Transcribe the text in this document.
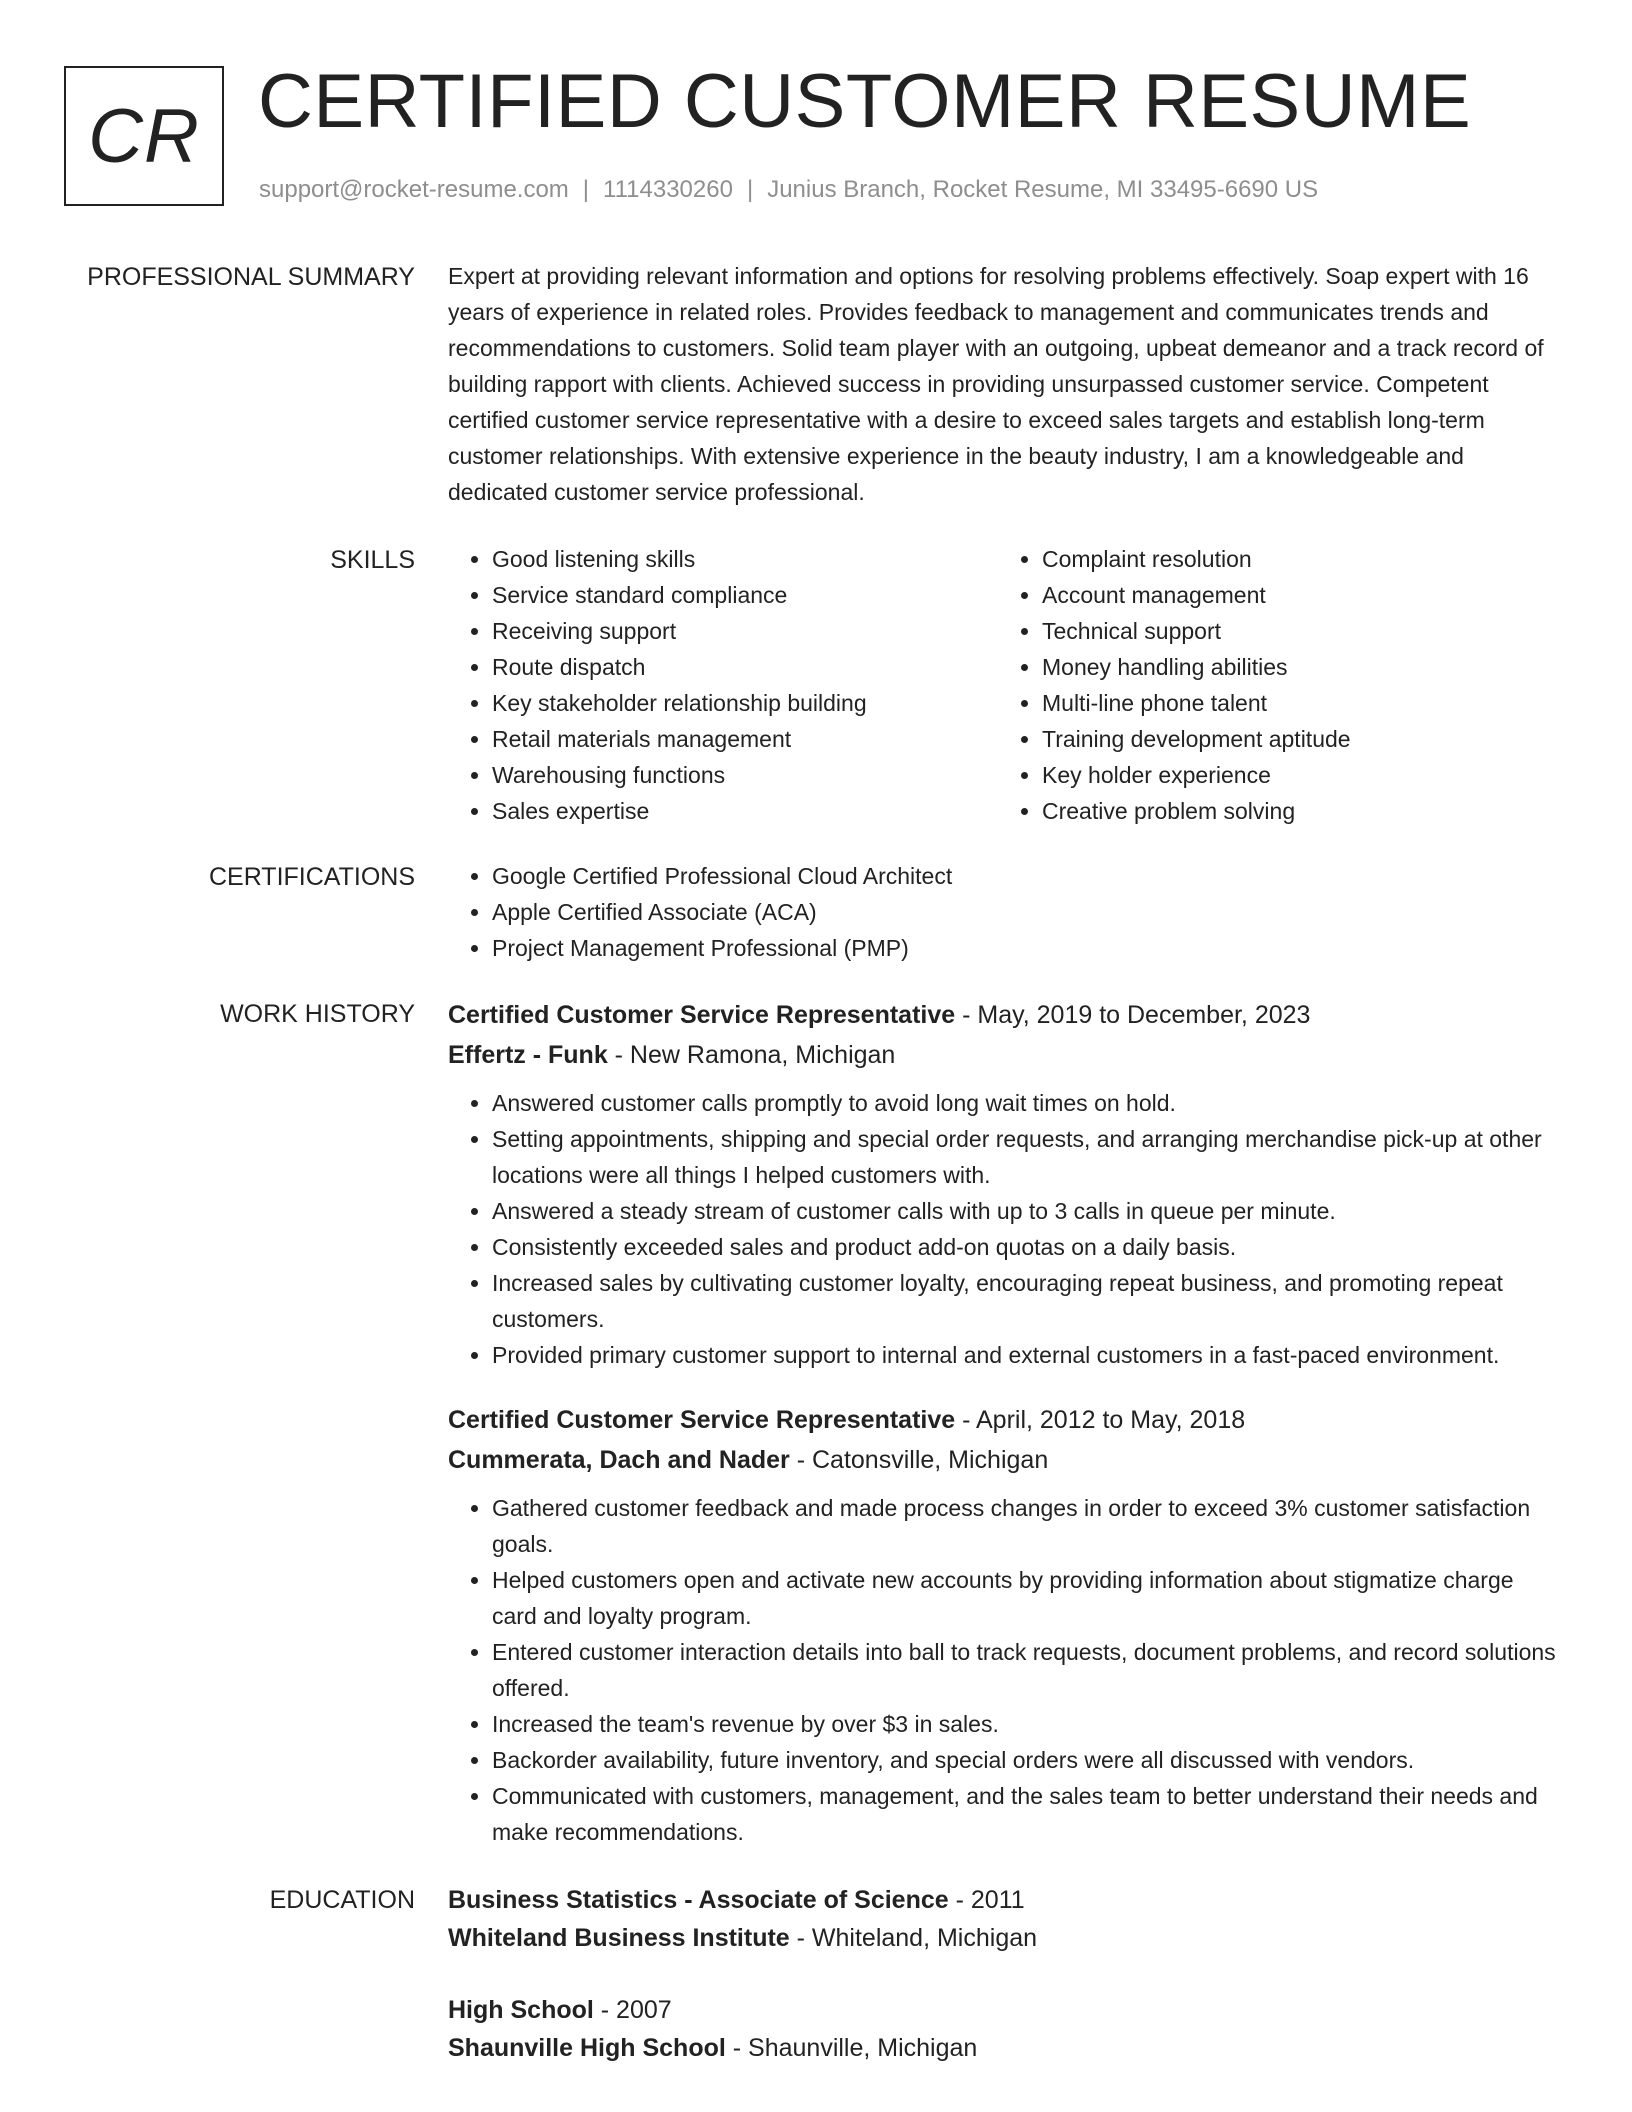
CR CERTIFIED CUSTOMER RESUME
support@rocket-resume.com | 1114330260 | Junius Branch, Rocket Resume, MI 33495-6690 US
PROFESSIONAL SUMMARY Expert at providing relevant information and options for resolving problems effectively. Soap expert with 16 years of experience in related roles. Provides feedback to management and communicates trends and recommendations to customers. Solid team player with an outgoing, upbeat demeanor and a track record of building rapport with clients. Achieved success in providing unsurpassed customer service. Competent certified customer service representative with a desire to exceed sales targets and establish long-term customer relationships. With extensive experience in the beauty industry, I am a knowledgeable and dedicated customer service professional.

SKILLS	• Good listening skills
• Service standard compliance
• Receiving support
• Route dispatch
• Key stakeholder relationship building
• Retail materials management
• Warehousing functions
• Sales expertise
• Complaint resolution
• Account management
• Technical support
• Money handling abilities
• Multi-line phone talent
• Training development aptitude
• Key holder experience
• Creative problem solving
CERTIFICATIONS	• Google Certified Professional Cloud Architect
• Apple Certified Associate (ACA)
• Project Management Professional (PMP)
WORK HISTORY Certified Customer Service Representative - May, 2019 to December, 2023
Effertz - Funk - New Ramona, Michigan
• Answered customer calls promptly to avoid long wait times on hold.
• Setting appointments, shipping and special order requests, and arranging merchandise pick-up at other locations were all things I helped customers with.
• Answered a steady stream of customer calls with up to 3 calls in queue per minute.
• Consistently exceeded sales and product add-on quotas on a daily basis.
• Increased sales by cultivating customer loyalty, encouraging repeat business, and promoting repeat customers.
• Provided primary customer support to internal and external customers in a fast-paced environment.
Certified Customer Service Representative - April, 2012 to May, 2018
Cummerata, Dach and Nader - Catonsville, Michigan
• Gathered customer feedback and made process changes in order to exceed 3% customer satisfaction goals.
• Helped customers open and activate new accounts by providing information about stigmatize charge card and loyalty program.
• Entered customer interaction details into ball to track requests, document problems, and record solutions offered.
• Increased the team's revenue by over $3 in sales.
• Backorder availability, future inventory, and special orders were all discussed with vendors.
• Communicated with customers, management, and the sales team to better understand their needs and make recommendations.
EDUCATION Business Statistics - Associate of Science - 2011
Whiteland Business Institute - Whiteland, Michigan
High School - 2007
Shaunville High School - Shaunville, Michigan
